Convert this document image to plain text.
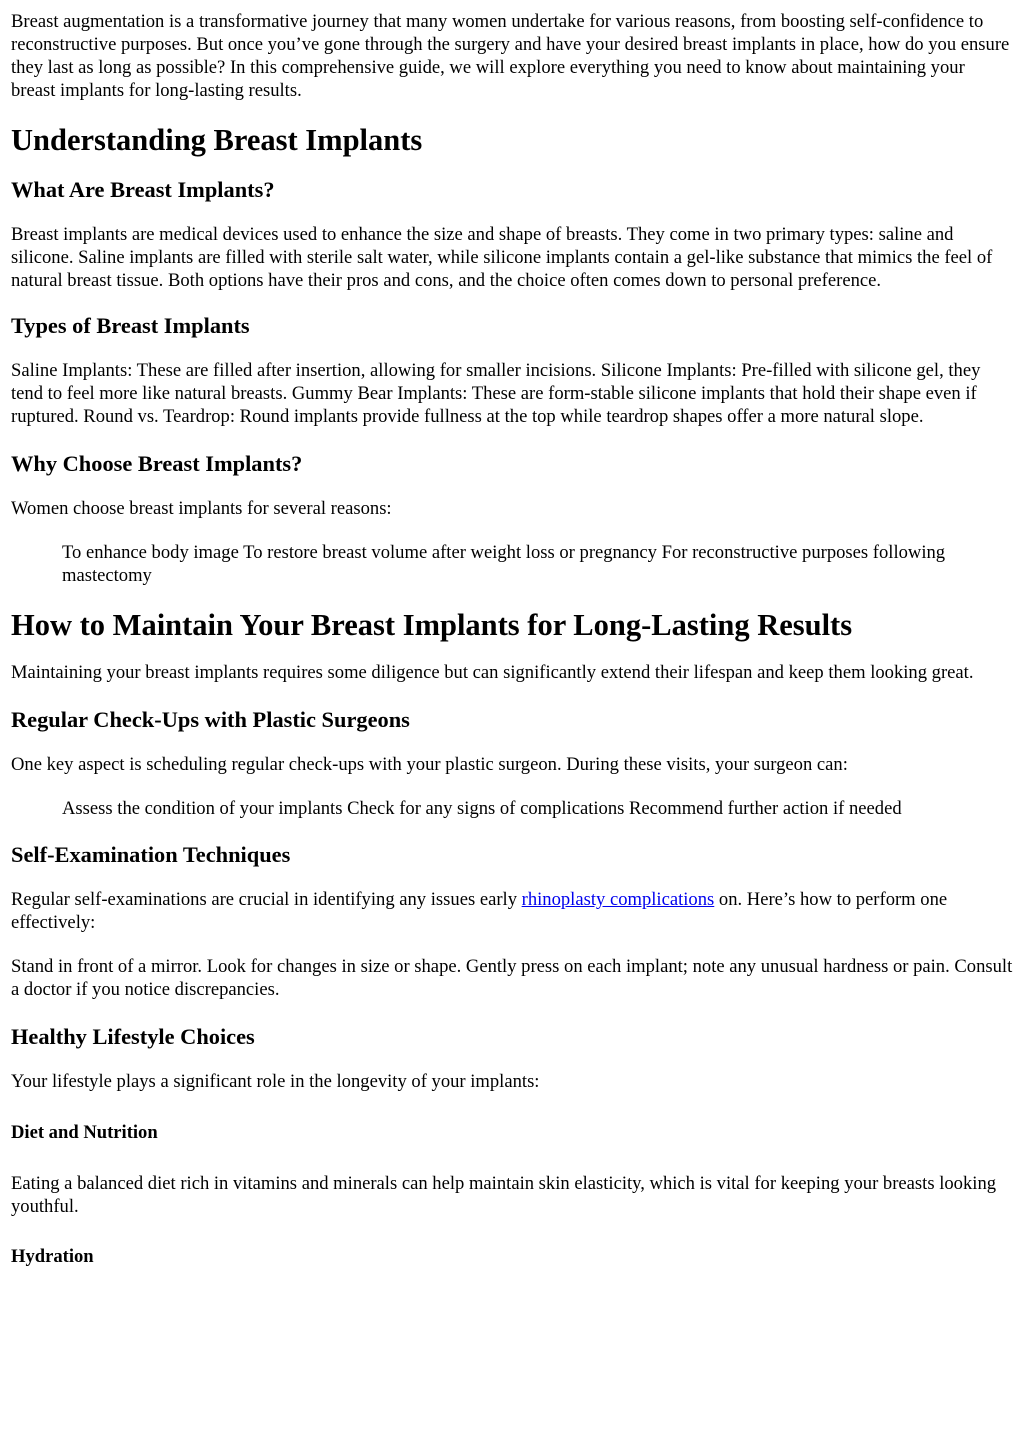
Breast augmentation is a transformative journey that many women undertake for various reasons, from boosting self-confidence to reconstructive purposes. But once you’ve gone through the surgery and have your desired breast implants in place, how do you ensure they last as long as possible? In this comprehensive guide, we will explore everything you need to know about maintaining your breast implants for long-lasting results.

Understanding Breast Implants
What Are Breast Implants?

Breast implants are medical devices used to enhance the size and shape of breasts. They come in two primary types: saline and silicone. Saline implants are filled with sterile salt water, while silicone implants contain a gel-like substance that mimics the feel of natural breast tissue. Both options have their pros and cons, and the choice often comes down to personal preference.

Types of Breast Implants

Saline Implants: These are filled after insertion, allowing for smaller incisions. Silicone Implants: Pre-filled with silicone gel, they tend to feel more like natural breasts. Gummy Bear Implants: These are form-stable silicone implants that hold their shape even if ruptured. Round vs. Teardrop: Round implants provide fullness at the top while teardrop shapes offer a more natural slope.

Why Choose Breast Implants?

Women choose breast implants for several reasons:

To enhance body image To restore breast volume after weight loss or pregnancy For reconstructive purposes following mastectomy
How to Maintain Your Breast Implants for Long-Lasting Results

Maintaining your breast implants requires some diligence but can significantly extend their lifespan and keep them looking great.

Regular Check-Ups with Plastic Surgeons

One key aspect is scheduling regular check-ups with your plastic surgeon. During these visits, your surgeon can:

Assess the condition of your implants Check for any signs of complications Recommend further action if needed
Self-Examination Techniques

Regular self-examinations are crucial in identifying any issues early rhinoplasty complications on. Here’s how to perform one effectively:

Stand in front of a mirror. Look for changes in size or shape. Gently press on each implant; note any unusual hardness or pain. Consult a doctor if you notice discrepancies.

Healthy Lifestyle Choices

Your lifestyle plays a significant role in the longevity of your implants:

Diet and Nutrition

Eating a balanced diet rich in vitamins and minerals can help maintain skin elasticity, which is vital for keeping your breasts looking youthful.

Hydration
